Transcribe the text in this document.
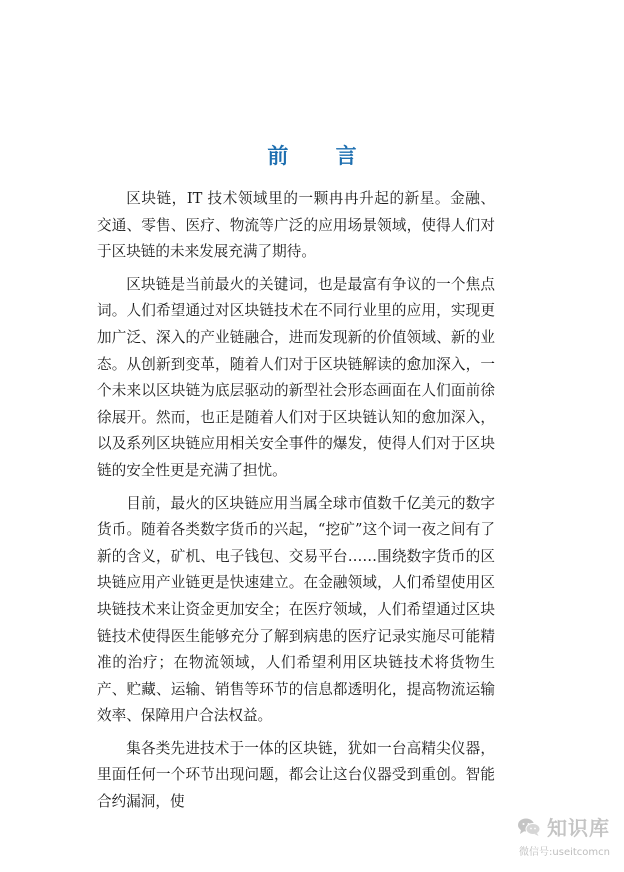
前 言

区块链，IT 技术领域里的一颗冉冉升起的新星。金融、交通、零售、医疗、物流等广泛的应用场景领域，使得人们对于区块链的未来发展充满了期待。

区块链是当前最火的关键词，也是最富有争议的一个焦点词。人们希望通过对区块链技术在不同行业里的应用，实现更加广泛、深入的产业链融合，进而发现新的价值领域、新的业态。从创新到变革，随着人们对于区块链解读的愈加深入，一个未来以区块链为底层驱动的新型社会形态画面在人们面前徐徐展开。然而，也正是随着人们对于区块链认知的愈加深入，以及系列区块链应用相关安全事件的爆发，使得人们对于区块链的安全性更是充满了担忧。

目前，最火的区块链应用当属全球市值数千亿美元的数字货币。随着各类数字货币的兴起，“挖矿”这个词一夜之间有了新的含义，矿机、电子钱包、交易平台……围绕数字货币的区块链应用产业链更是快速建立。在金融领域，人们希望使用区块链技术来让资金更加安全；在医疗领域，人们希望通过区块链技术使得医生能够充分了解到病患的医疗记录实施尽可能精准的治疗；在物流领域，人们希望利用区块链技术将货物生产、贮藏、运输、销售等环节的信息都透明化，提高物流运输效率、保障用户合法权益。

集各类先进技术于一体的区块链，犹如一台高精尖仪器，里面任何一个环节出现问题，都会让这台仪器受到重创。智能合约漏洞，使

知识库
微信号:useitcomcn
